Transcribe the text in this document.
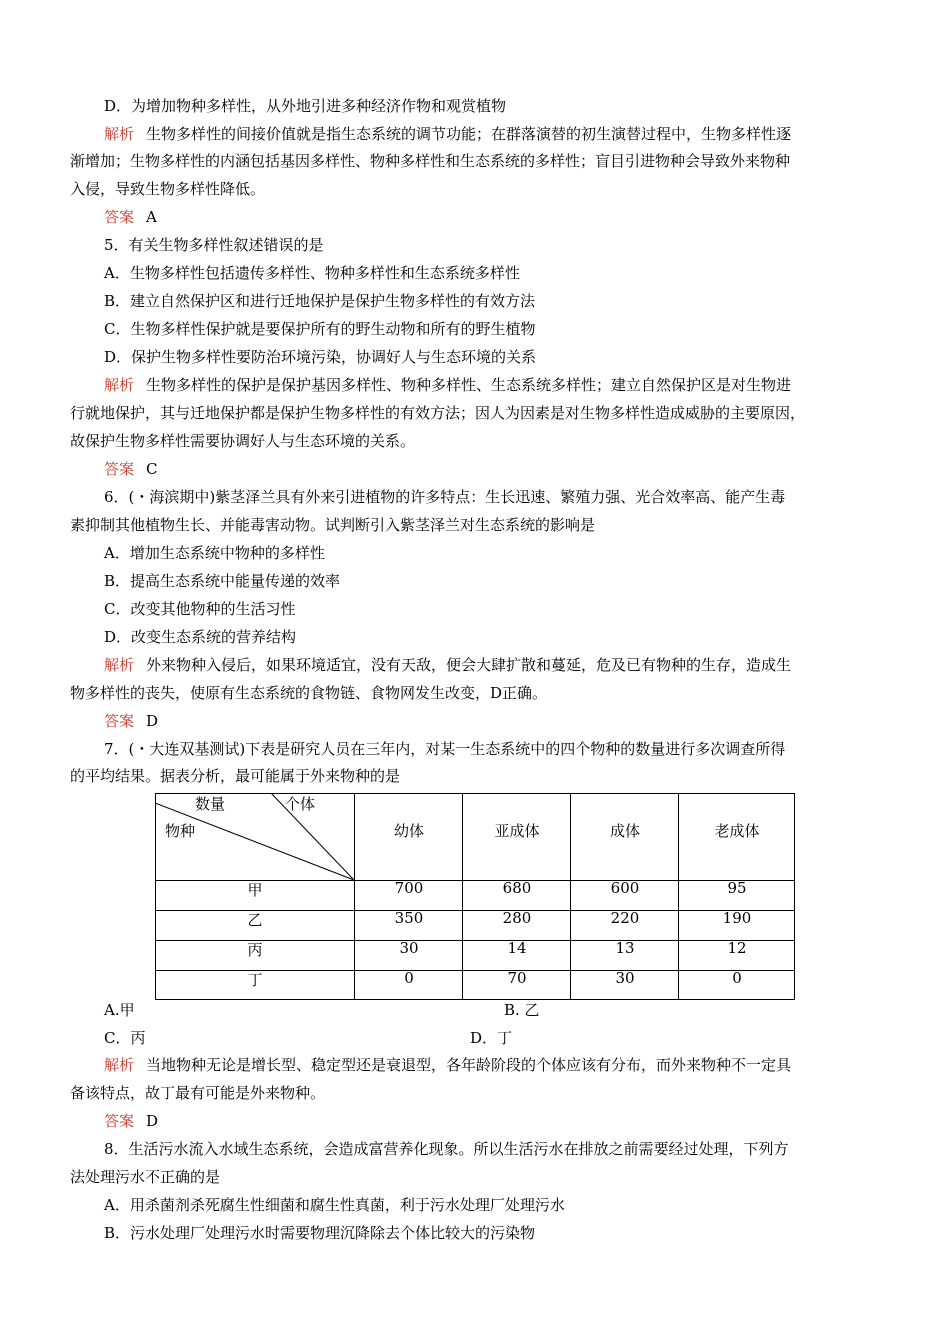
D．为增加物种多样性，从外地引进多种经济作物和观赏植物
解析 生物多样性的间接价值就是指生态系统的调节功能；在群落演替的初生演替过程中，生物多样性逐
渐增加；生物多样性的内涵包括基因多样性、物种多样性和生态系统的多样性；盲目引进物种会导致外来物种
入侵，导致生物多样性降低。
答案 A
5．有关生物多样性叙述错误的是
A．生物多样性包括遗传多样性、物种多样性和生态系统多样性
B．建立自然保护区和进行迁地保护是保护生物多样性的有效方法
C．生物多样性保护就是要保护所有的野生动物和所有的野生植物
D．保护生物多样性要防治环境污染，协调好人与生态环境的关系
解析 生物多样性的保护是保护基因多样性、物种多样性、生态系统多样性；建立自然保护区是对生物进
行就地保护，其与迁地保护都是保护生物多样性的有效方法；因人为因素是对生物多样性造成威胁的主要原因，
故保护生物多样性需要协调好人与生态环境的关系。
答案 C
6．(・海滨期中)紫茎泽兰具有外来引进植物的许多特点：生长迅速、繁殖力强、光合效率高、能产生毒
素抑制其他植物生长、并能毒害动物。试判断引入紫茎泽兰对生态系统的影响是
A．增加生态系统中物种的多样性
B．提高生态系统中能量传递的效率
C．改变其他物种的生活习性
D．改变生态系统的营养结构
解析 外来物种入侵后，如果环境适宜，没有天敌，便会大肆扩散和蔓延，危及已有物种的生存，造成生
物多样性的丧失，使原有生态系统的食物链、食物网发生改变，D正确。
答案 D
7．(・大连双基测试)下表是研究人员在三年内，对某一生态系统中的四个物种的数量进行多次调查所得
的平均结果。据表分析，最可能属于外来物种的是
数量	个体
物种	幼体	亚成体	成体	老成体
甲	700	680	600	95
乙	350	280	220	190
丙	30	14	13	12
丁	0	70	30	0
A.甲	B. 乙
C．丙	D．丁
解析 当地物种无论是增长型、稳定型还是衰退型，各年龄阶段的个体应该有分布，而外来物种不一定具
备该特点，故丁最有可能是外来物种。
答案 D
8．生活污水流入水域生态系统，会造成富营养化现象。所以生活污水在排放之前需要经过处理，下列方
法处理污水不正确的是
A．用杀菌剂杀死腐生性细菌和腐生性真菌，利于污水处理厂处理污水
B．污水处理厂处理污水时需要物理沉降除去个体比较大的污染物
